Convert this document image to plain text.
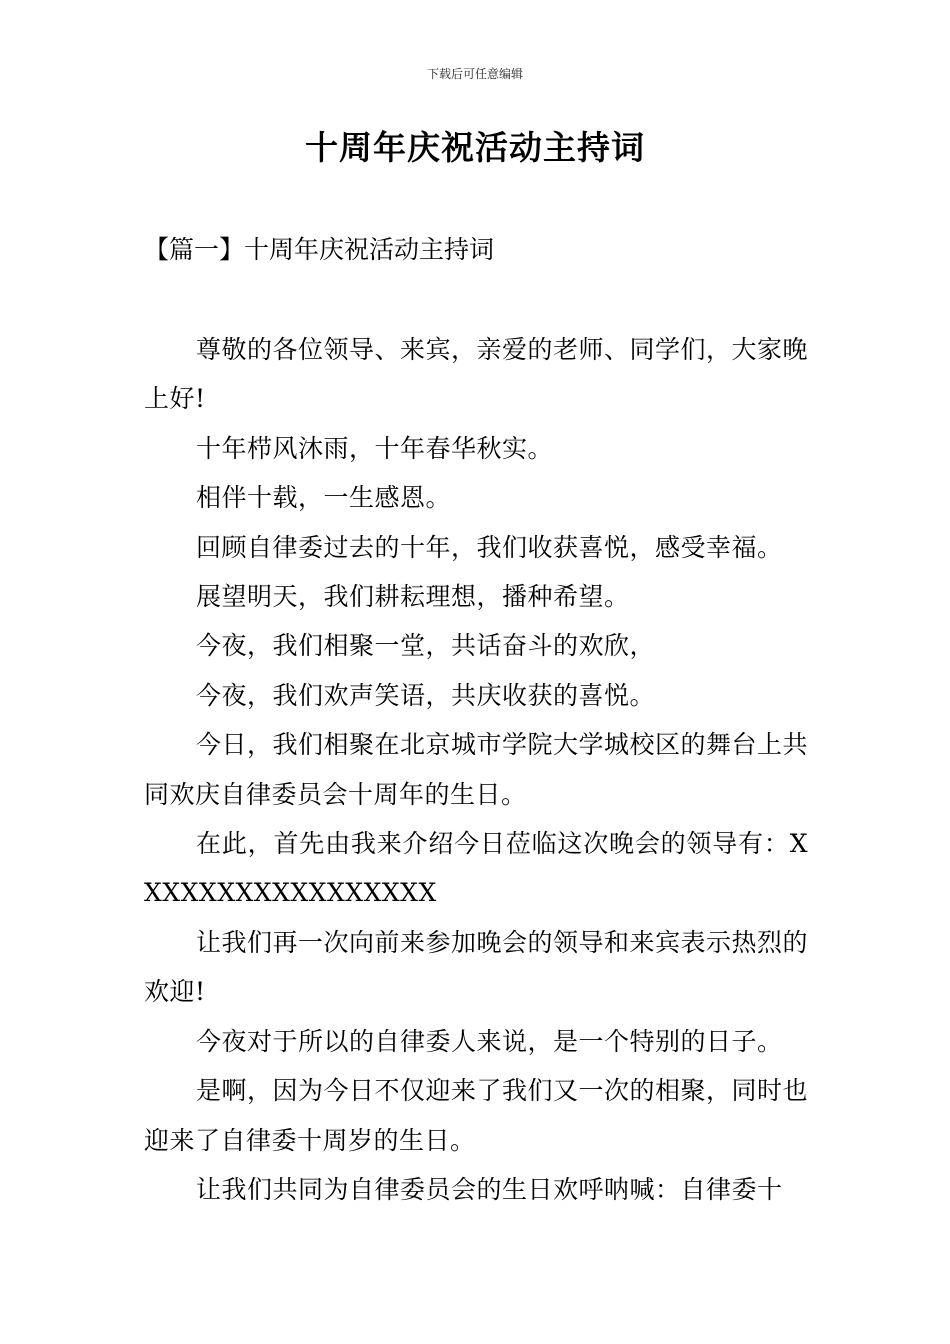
下载后可任意编辑
十周年庆祝活动主持词
【篇一】十周年庆祝活动主持词

尊敬的各位领导、来宾，亲爱的老师、同学们，大家晚上好!

十年栉风沐雨，十年春华秋实。

相伴十载，一生感恩。

回顾自律委过去的十年，我们收获喜悦，感受幸福。

展望明天，我们耕耘理想，播种希望。

今夜，我们相聚一堂，共话奋斗的欢欣，

今夜，我们欢声笑语，共庆收获的喜悦。

今日，我们相聚在北京城市学院大学城校区的舞台上共同欢庆自律委员会十周年的生日。

在此，首先由我来介绍今日莅临这次晚会的领导有：XXXXXXXXXXXXXXXXX

让我们再一次向前来参加晚会的领导和来宾表示热烈的欢迎!

今夜对于所以的自律委人来说，是一个特别的日子。

是啊，因为今日不仅迎来了我们又一次的相聚，同时也迎来了自律委十周岁的生日。

让我们共同为自律委员会的生日欢呼呐喊：自律委十
